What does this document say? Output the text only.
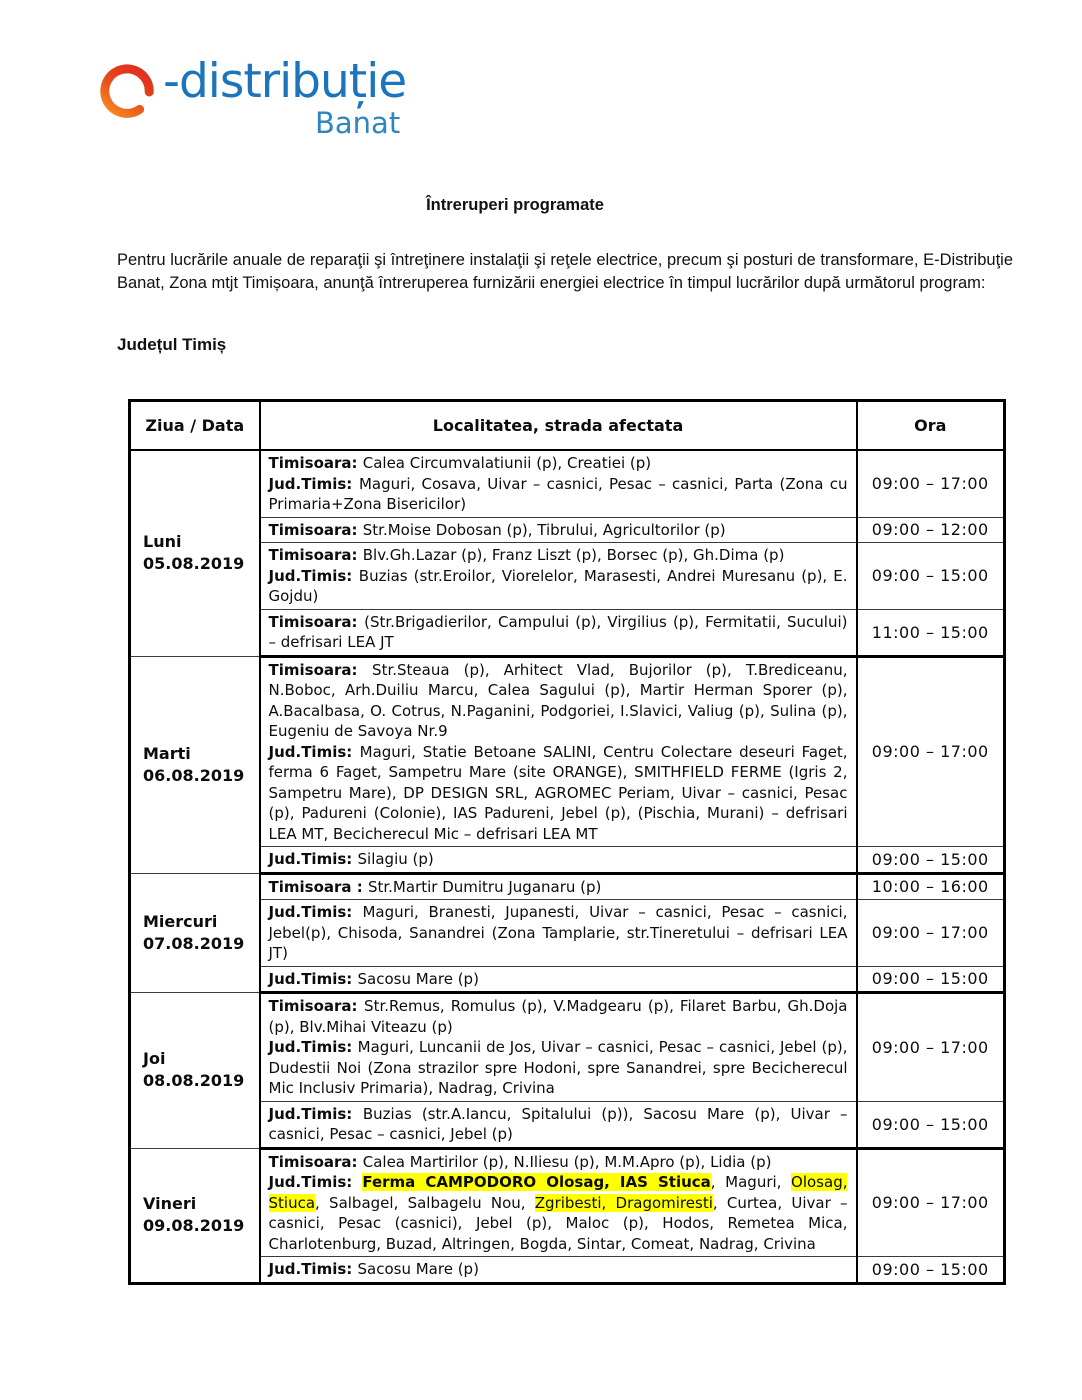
-distribuție
Banat
Întreruperi programate

Pentru lucrările anuale de reparaţii şi întreţinere instalaţii şi reţele electrice, precum şi posturi de transformare, E-Distribuţie Banat, Zona mtjt Timișoara, anunţă întreruperea furnizării energiei electrice în timpul lucrărilor după următorul program:

Județul Timiș
Ziua / Data	Localitatea, strada afectata	Ora

Luni
05.08.2019

Timisoara: Calea Circumvalatiunii (p), Creatiei (p)
Jud.Timis: Maguri, Cosava, Uivar – casnici, Pesac – casnici, Parta (Zona cu Primaria+Zona Bisericilor)
	09:00 – 17:00

	Timisoara: Str.Moise Dobosan (p), Tibrului, Agricultorilor (p)	09:00 – 12:00

	Timisoara: Blv.Gh.Lazar (p), Franz Liszt (p), Borsec (p), Gh.Dima (p)
Jud.Timis: Buzias (str.Eroilor, Viorelelor, Marasesti, Andrei Muresanu (p), E. Gojdu)	09:00 – 15:00

	Timisoara: (Str.Brigadierilor, Campului (p), Virgilius (p), Fermitatii, Sucului) – defrisari LEA JT	11:00 – 15:00

Marti
06.08.2019

Timisoara: Str.Steaua (p), Arhitect Vlad, Bujorilor (p), T.Brediceanu, N.Boboc, Arh.Duiliu Marcu, Calea Sagului (p), Martir Herman Sporer (p), A.Bacalbasa, O. Cotrus, N.Paganini, Podgoriei, I.Slavici, Valiug (p), Sulina (p), Eugeniu de Savoya Nr.9
Jud.Timis: Maguri, Statie Betoane SALINI, Centru Colectare deseuri Faget, ferma 6 Faget, Sampetru Mare (site ORANGE), SMITHFIELD FERME (Igris 2, Sampetru Mare), DP DESIGN SRL, AGROMEC Periam, Uivar – casnici, Pesac (p), Padureni (Colonie), IAS Padureni, Jebel (p), (Pischia, Murani) – defrisari LEA MT, Becicherecul Mic – defrisari LEA MT
	09:00 – 17:00

	Jud.Timis: Silagiu (p)	09:00 – 15:00

Miercuri
07.08.2019	Timisoara : Str.Martir Dumitru Juganaru (p)	10:00 – 16:00

	Jud.Timis: Maguri, Branesti, Jupanesti, Uivar – casnici, Pesac – casnici, Jebel(p), Chisoda, Sanandrei (Zona Tamplarie, str.Tineretului – defrisari LEA JT)	09:00 – 17:00

	Jud.Timis: Sacosu Mare (p)	09:00 – 15:00

Joi
08.08.2019

Timisoara: Str.Remus, Romulus (p), V.Madgearu (p), Filaret Barbu, Gh.Doja (p), Blv.Mihai Viteazu (p)
Jud.Timis: Maguri, Luncanii de Jos, Uivar – casnici, Pesac – casnici, Jebel (p), Dudestii Noi (Zona strazilor spre Hodoni, spre Sanandrei, spre Becicherecul Mic Inclusiv Primaria), Nadrag, Crivina
	09:00 – 17:00

	Jud.Timis: Buzias (str.A.Iancu, Spitalului (p)), Sacosu Mare (p), Uivar – casnici, Pesac – casnici, Jebel (p)	09:00 – 15:00

Vineri
09.08.2019

Timisoara: Calea Martirilor (p), N.Iliesu (p), M.M.Apro (p), Lidia (p)
Jud.Timis: Ferma CAMPODORO Olosag, IAS Stiuca, Maguri, Olosag, Stiuca, Salbagel, Salbagelu Nou, Zgribesti, Dragomiresti, Curtea, Uivar – casnici, Pesac (casnici), Jebel (p), Maloc (p), Hodos, Remetea Mica, Charlotenburg, Buzad, Altringen, Bogda, Sintar, Comeat, Nadrag, Crivina
	09:00 – 17:00

	Jud.Timis: Sacosu Mare (p)	09:00 – 15:00
